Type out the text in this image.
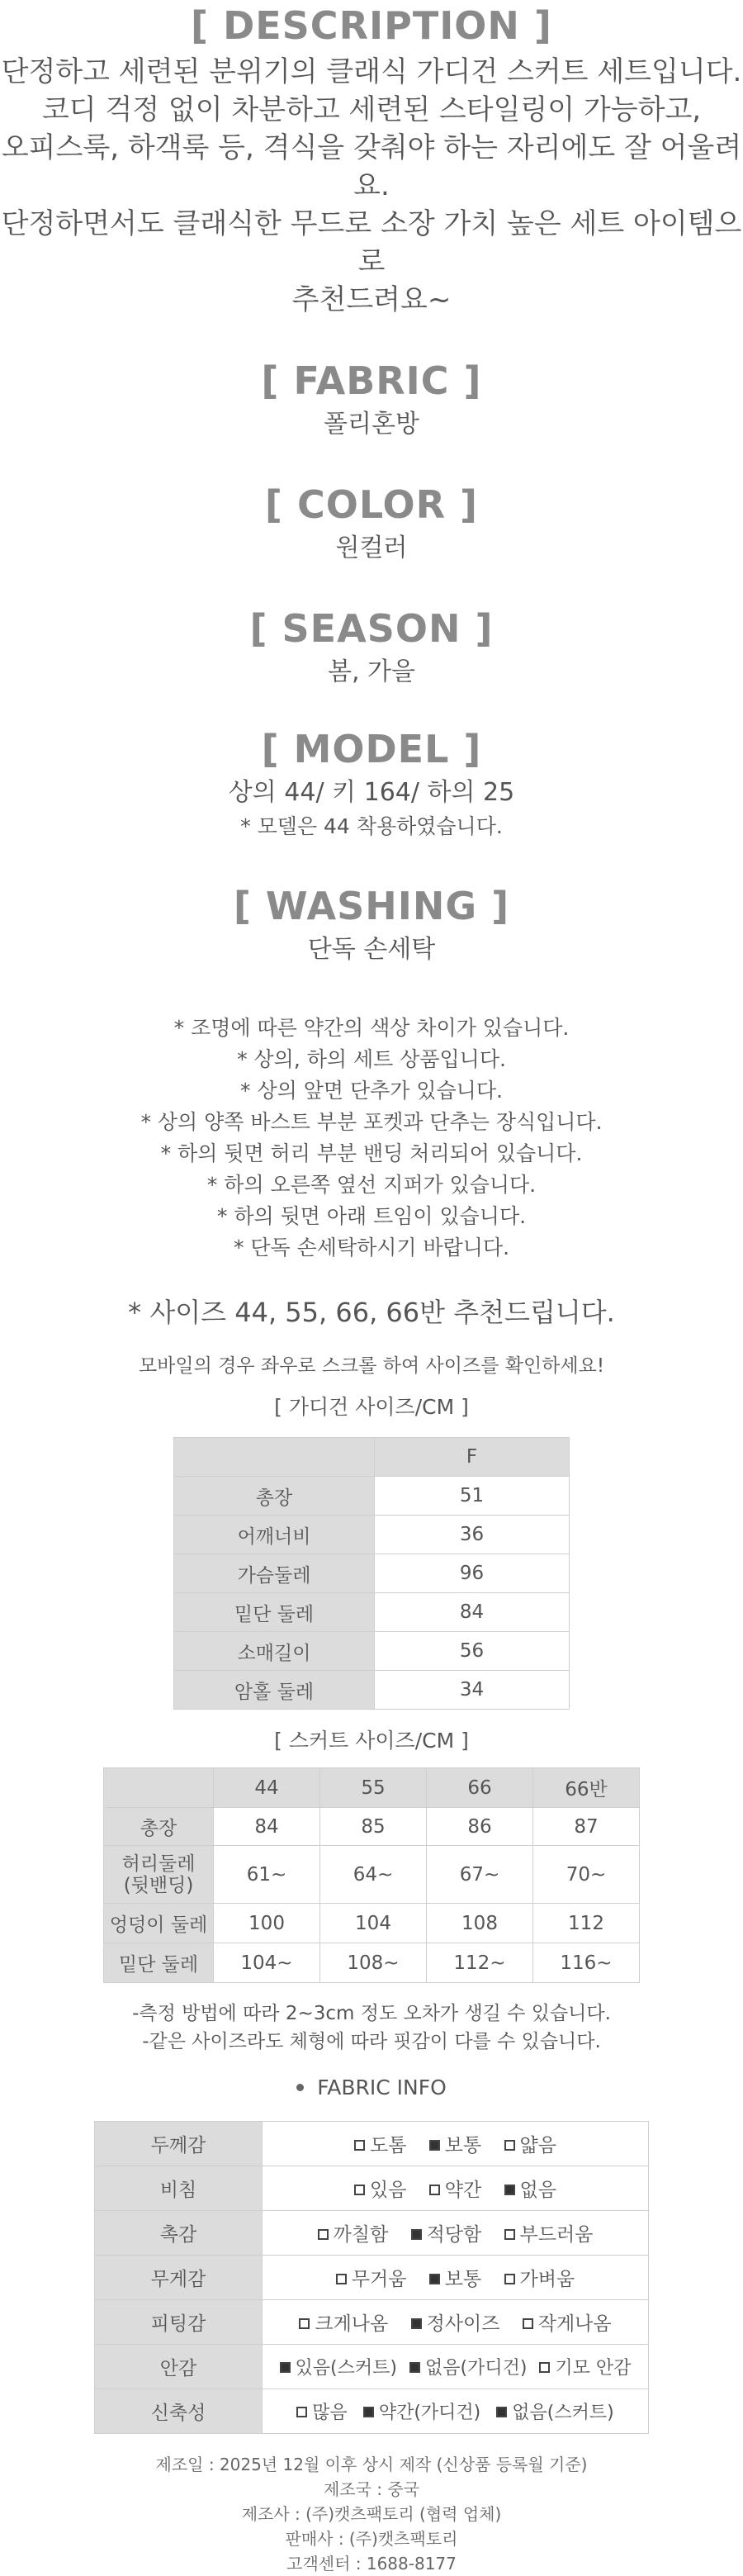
[ DESCRIPTION ]
단정하고 세련된 분위기의 클래식 가디건 스커트 세트입니다.
코디 걱정 없이 차분하고 세련된 스타일링이 가능하고,
오피스룩, 하객룩 등, 격식을 갖춰야 하는 자리에도 잘 어울려요.
단정하면서도 클래식한 무드로 소장 가치 높은 세트 아이템으로
추천드려요~
[ FABRIC ]
폴리혼방
[ COLOR ]
원컬러
[ SEASON ]
봄, 가을
[ MODEL ]
상의 44/ 키 164/ 하의 25
* 모델은 44 착용하였습니다.
[ WASHING ]
단독 손세탁
* 조명에 따른 약간의 색상 차이가 있습니다.
* 상의, 하의 세트 상품입니다.
* 상의 앞면 단추가 있습니다.
* 상의 양쪽 바스트 부분 포켓과 단추는 장식입니다.
* 하의 뒷면 허리 부분 밴딩 처리되어 있습니다.
* 하의 오른쪽 옆선 지퍼가 있습니다.
* 하의 뒷면 아래 트임이 있습니다.
* 단독 손세탁하시기 바랍니다.
* 사이즈 44, 55, 66, 66반 추천드립니다.
모바일의 경우 좌우로 스크롤 하여 사이즈를 확인하세요!
[ 가디건 사이즈/CM ]
	F
총장	51
어깨너비	36
가슴둘레	96
밑단 둘레	84
소매길이	56
암홀 둘레	34
[ 스커트 사이즈/CM ]
	44	55	66	66반
총장	84	85	86	87

허리둘레
(뒷밴딩)	61~	64~	67~	70~
엉덩이 둘레	100	104	108	112
밑단 둘레	104~	108~	112~	116~
-측정 방법에 따라 2~3cm 정도 오차가 생길 수 있습니다.
-같은 사이즈라도 체형에 따라 핏감이 다를 수 있습니다.
FABRIC INFO
두께감	도톰 보통 얇음
비침	있음 약간 없음
촉감	까칠함 적당함 부드러움
무게감	무거움 보통 가벼움
피팅감	크게나옴 정사이즈 작게나옴
안감	있음(스커트) 없음(가디건) 기모 안감
신축성	많음 약간(가디건) 없음(스커트)
제조일 : 2025년 12월 이후 상시 제작 (신상품 등록월 기준)
제조국 : 중국
제조사 : (주)캣츠팩토리 (협력 업체)
판매사 : (주)캣츠팩토리
고객센터 : 1688-8177
